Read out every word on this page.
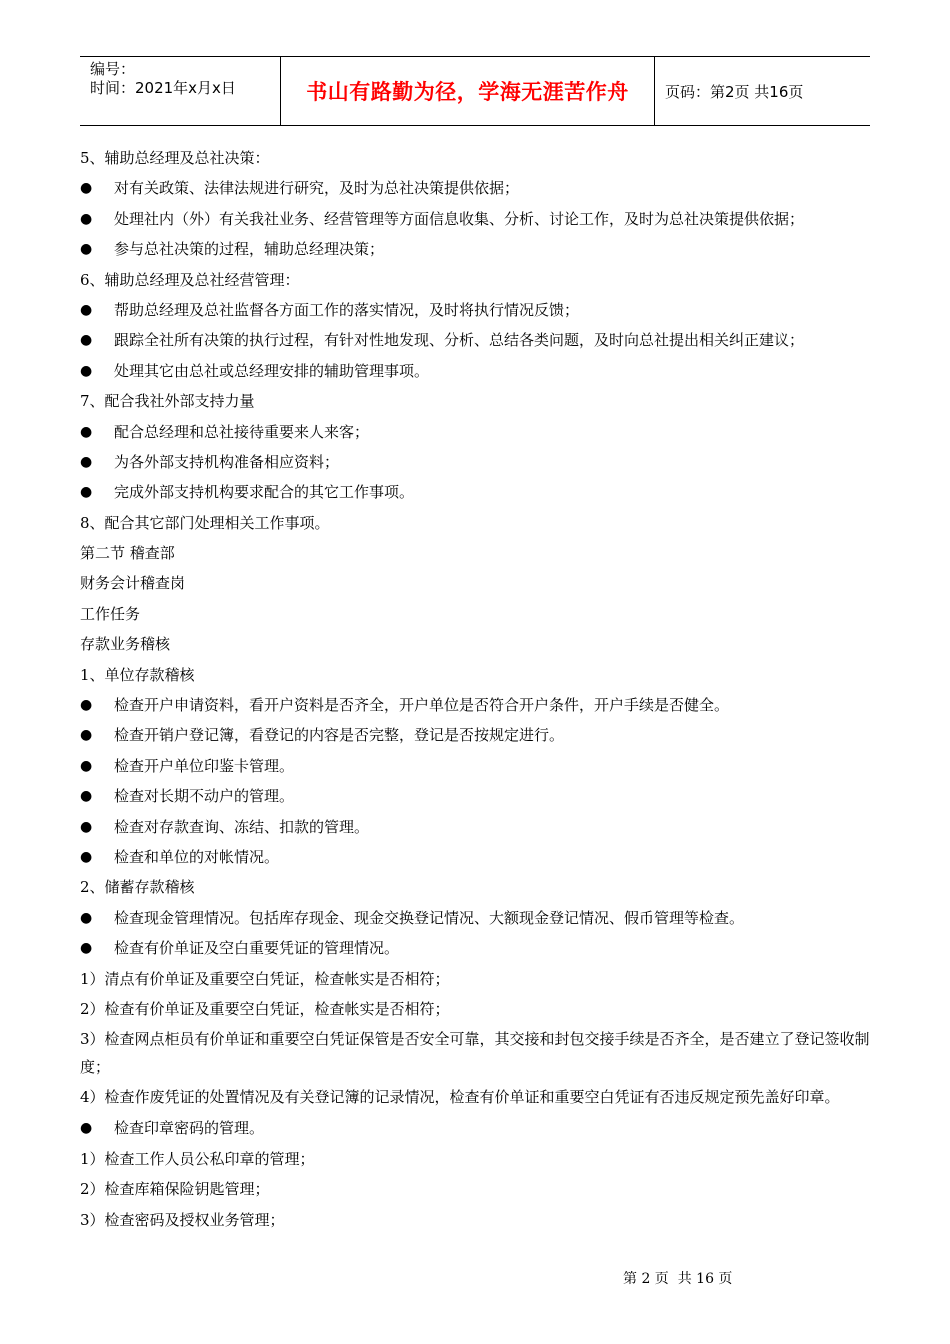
编号：
时间：2021年x月x日	书山有路勤为径，学海无涯苦作舟	页码：第2页 共16页
5、辅助总经理及总社决策：
●	对有关政策、法律法规进行研究，及时为总社决策提供依据；
●	处理社内（外）有关我社业务、经营管理等方面信息收集、分析、讨论工作，及时为总社决策提供依据；
●	参与总社决策的过程，辅助总经理决策；
6、辅助总经理及总社经营管理：
●	帮助总经理及总社监督各方面工作的落实情况，及时将执行情况反馈；
●	跟踪全社所有决策的执行过程，有针对性地发现、分析、总结各类问题，及时向总社提出相关纠正建议；
●	处理其它由总社或总经理安排的辅助管理事项。
7、配合我社外部支持力量
●	配合总经理和总社接待重要来人来客；
●	为各外部支持机构准备相应资料；
●	完成外部支持机构要求配合的其它工作事项。
8、配合其它部门处理相关工作事项。
第二节 稽查部
财务会计稽查岗
工作任务
存款业务稽核
1、单位存款稽核
●	检查开户申请资料，看开户资料是否齐全，开户单位是否符合开户条件，开户手续是否健全。
●	检查开销户登记簿，看登记的内容是否完整，登记是否按规定进行。
●	检查开户单位印鉴卡管理。
●	检查对长期不动户的管理。
●	检查对存款查询、冻结、扣款的管理。
●	检查和单位的对帐情况。
2、储蓄存款稽核
●	检查现金管理情况。包括库存现金、现金交换登记情况、大额现金登记情况、假币管理等检查。
●	检查有价单证及空白重要凭证的管理情况。
1）清点有价单证及重要空白凭证，检查帐实是否相符；
2）检查有价单证及重要空白凭证，检查帐实是否相符；
3）检查网点柜员有价单证和重要空白凭证保管是否安全可靠，其交接和封包交接手续是否齐全，是否建立了登记签收制度；
4）检查作废凭证的处置情况及有关登记簿的记录情况，检查有价单证和重要空白凭证有否违反规定预先盖好印章。
●	检查印章密码的管理。
1）检查工作人员公私印章的管理；
2）检查库箱保险钥匙管理；
3）检查密码及授权业务管理；
第 2 页  共 16 页
